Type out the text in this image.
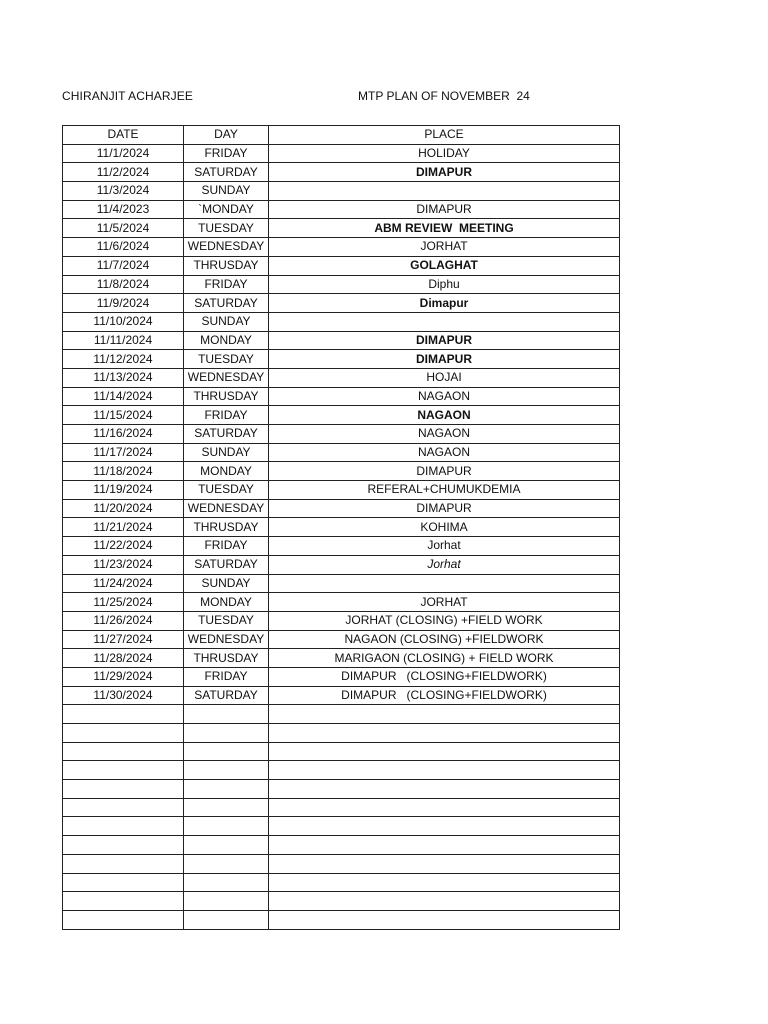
CHIRANJIT ACHARJEE	MTP PLAN OF NOVEMBER  24
DATE	DAY	PLACE
11/1/2024	FRIDAY	HOLIDAY
11/2/2024	SATURDAY	DIMAPUR
11/3/2024	SUNDAY	
11/4/2023	`MONDAY	DIMAPUR
11/5/2024	TUESDAY	ABM REVIEW  MEETING
11/6/2024	WEDNESDAY	JORHAT
11/7/2024	THRUSDAY	GOLAGHAT
11/8/2024	FRIDAY	Diphu
11/9/2024	SATURDAY	Dimapur
11/10/2024	SUNDAY	
11/11/2024	MONDAY	DIMAPUR
11/12/2024	TUESDAY	DIMAPUR
11/13/2024	WEDNESDAY	HOJAI
11/14/2024	THRUSDAY	NAGAON
11/15/2024	FRIDAY	NAGAON
11/16/2024	SATURDAY	NAGAON
11/17/2024	SUNDAY	NAGAON
11/18/2024	MONDAY	DIMAPUR
11/19/2024	TUESDAY	REFERAL+CHUMUKDEMIA
11/20/2024	WEDNESDAY	DIMAPUR
11/21/2024	THRUSDAY	KOHIMA
11/22/2024	FRIDAY	Jorhat
11/23/2024	SATURDAY	Jorhat
11/24/2024	SUNDAY	
11/25/2024	MONDAY	JORHAT
11/26/2024	TUESDAY	JORHAT (CLOSING) +FIELD WORK
11/27/2024	WEDNESDAY	NAGAON (CLOSING) +FIELDWORK
11/28/2024	THRUSDAY	MARIGAON (CLOSING) + FIELD WORK
11/29/2024	FRIDAY	DIMAPUR   (CLOSING+FIELDWORK)
11/30/2024	SATURDAY	DIMAPUR   (CLOSING+FIELDWORK)
